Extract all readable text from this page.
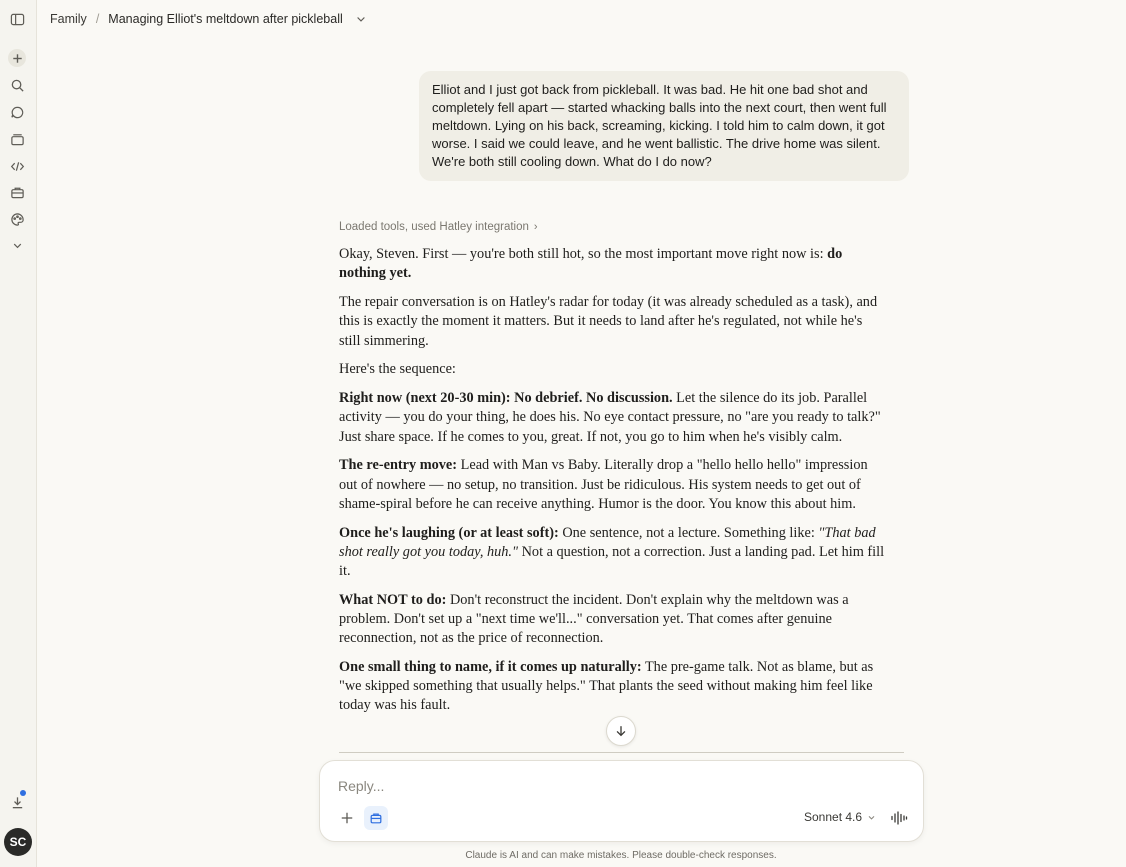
SC
Family / Managing Elliot's meltdown after pickleball
Elliot and I just got back from pickleball. It was bad. He hit one bad shot and completely fell apart — started whacking balls into the next court, then went full meltdown. Lying on his back, screaming, kicking. I told him to calm down, it got worse. I said we could leave, and he went ballistic. The drive home was silent. We're both still cooling down. What do I do now?
Loaded tools, used Hatley integration ›

Okay, Steven. First — you're both still hot, so the most important move right now is: do nothing yet.

The repair conversation is on Hatley's radar for today (it was already scheduled as a task), and this is exactly the moment it matters. But it needs to land after he's regulated, not while he's still simmering.

Here's the sequence:

Right now (next 20-30 min): No debrief. No discussion. Let the silence do its job. Parallel activity — you do your thing, he does his. No eye contact pressure, no "are you ready to talk?" Just share space. If he comes to you, great. If not, you go to him when he's visibly calm.

The re-entry move: Lead with Man vs Baby. Literally drop a "hello hello hello" impression out of nowhere — no setup, no transition. Just be ridiculous. His system needs to get out of shame-spiral before he can receive anything. Humor is the door. You know this about him.

Once he's laughing (or at least soft): One sentence, not a lecture. Something like: "That bad shot really got you today, huh." Not a question, not a correction. Just a landing pad. Let him fill it.

What NOT to do: Don't reconstruct the incident. Don't explain why the meltdown was a problem. Don't set up a "next time we'll..." conversation yet. That comes after genuine reconnection, not as the price of reconnection.

One small thing to name, if it comes up naturally: The pre-game talk. Not as blame, but as "we skipped something that usually helps." That plants the seed without making him feel like today was his fault.

Reply...
Sonnet 4.6
Claude is AI and can make mistakes. Please double-check responses.
